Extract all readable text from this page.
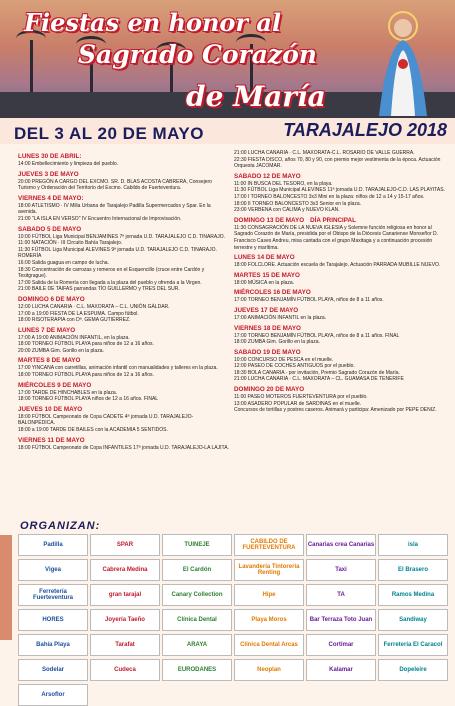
Fiestas en honor al
Sagrado Corazón
de María
DEL 3 AL 20 DE MAYO	TARAJALEJO 2018
LUNES 30 DE ABRIL:
14:00 Embellecimiento y limpieza del pueblo.
JUEVES 3 DE MAYO
20:00 PREGÓN A CARGO DEL EXCMO. SR. D. BLAS ACOSTA CABRERA, Consejero Turismo y Ordenación del Territorio del Excmo. Cabildo de Fuerteventura.
VIERNES 4 DE MAYO:
18:00 ATLETISMO · IV Milla Urbana de Tarajalejo Padilla Supermercados y Spar. En la avenida.
21:00 "LA ISLA EN VERSO" IV Encuentro Internacional de Improvisación.
SABADO 5 DE MAYO
10:00 FÚTBOL Liga Municipal BENJAMINES 7ª jornada U.D. TARAJALEJO C.D. TINARAJO.
11:00 NATACIÓN · III Circuito Bahía Tarajalejo.
11:30 FÚTBOL Liga Municipal ALEVINES 9ª jornada U.D. TARAJALEJO C.D. TINARAJO.
ROMERÍA
16:00 Salida guagua en campo de lucha.
18:30 Concentración de carrozas y romeros en el Esquencillo (cruce entre Cardón y Tesitgrague).
17:00 Salida de la Romería con llegada a la plaza del pueblo y ofrenda a la Virgen.
21:00 BAILE DE TAIFAS parrandas TÍO GUILLERMO y TRES DEL SUR.
DOMINGO 6 DE MAYO
12:00 LUCHA CANARIA · C.L. MAXORATA – C.L. UNIÓN GÁLDAR.
17:00 a 19:00 FIESTA DE LA ESPUMA. Campo fútbol.
18:00 RISOTERAPIA con Dª. GEMA GUTIÉRREZ.
LUNES 7 DE MAYO
17:00 A 19:00 ANIMACIÓN INFANTIL, en la plaza.
18:00 TORNEO FÚTBOL PLAYA para niños de 12 a 16 años.
20:00 ZUMBA Gim. Gorillo en la plaza.
MARTES 8 DE MAYO
17:00 YINCANA con carretillas, animación infantil con manualidades y talleres en la plaza.
18:00 TORNEO FÚTBOL PLAYA para niños de 12 a 16 años.
MIÉRCOLES 9 DE MAYO
17:00 TARDE DE HINCHABLES en la plaza.
18:00 TORNEO FÚTBOL PLAYA niños de 12 a 16 años. FINAL
JUEVES 10 DE MAYO
18:00 FÚTBOL Campeonato de Copa CADETE 4ª jornada U.D. TARAJALEJO-BALONPÉDICA.
18:00 a 19:00 TARDE DE BAILES con la ACADEMIA 5 SENTIDOS.
VIERNES 11 DE MAYO
18:00 FÚTBOL Campeonato de Copa INFANTILES 17ª jornada U.D. TARAJALEJO-LA LAJITA.
21:00 LUCHA CANARIA · C.L. MAXORATA-C.L. ROSARIO DE VALLE GUERRA.
22:30 FIESTA DISCO, años 70, 80 y 90, con premio mejor vestimenta de la época. Actuación Orquesta JACOMAR.
SABADO 12 DE MAYO
11:00 IN BUSCA DEL TESORO, en la playa.
11:30 FÚTBOL Liga Municipal ALEVINES 11ª jornada U.D. TARAJALEJO-C.D. LAS PLAYITAS.
17:00 I TORNEO BALONCESTO 3x3 Mini en la plaza: niños de 12 a 14 y 15-17 años.
18:00 II TORNEO BALONCESTO 3x3 Senior en la plaza.
23:00 VERBENA con CALIMA y NUEVO KLAN.
DOMINGO 13 DE MAYO DÍA PRINCIPAL
11:30 CONSAGRACIÓN DE LA NUEVA IGLESIA y Solemne función religiosa en honor al Sagrado Corazón de María, presidida por el Obispo de la Diócesis Canariense Monseñor D. Francisco Cases Andreu, misa cantada con el grupo Maxitaga y a continuación procesión terrestre y marítima.
LUNES 14 DE MAYO
18:00 FOLCLORE. Actuación escuela de Tarajalejo. Actuación PARRADA MUBILLE NUEVO.
MARTES 15 DE MAYO
18:00 MÚSICA en la plaza.
MIÉRCOLES 16 DE MAYO
17:00 TORNEO BENJAMÍN FÚTBOL PLAYA, niños de 8 a 11 años.
JUEVES 17 DE MAYO
17:00 ANIMACIÓN INFANTIL en la plaza.
VIERNES 18 DE MAYO
17:00 TORNEO BENJAMÍN FÚTBOL PLAYA, niños de 8 a 11 años. FINAL
18:00 ZUMBA Gim. Gorillo en la plaza.
SABADO 19 DE MAYO
10:00 CONCURSO DE PESCA en el muelle.
12:00 PASEO DE COCHES ANTIGUOS por el pueblo.
18:30 BOLA CANARIA · por invitación, Premio Sagrado Corazón de María.
21:00 LUCHA CANARIA · C.L. MAXORATA – CL. GUAMASA DE TENERIFE
DOMINGO 20 DE MAYO
11:00 PASEO MOTEROS FUERTEVENTURA por el pueblo.
13:00 ASADERO POPULAR de SARDINAS en el muelle.
Concursos de tortillas y postres caseros. Animará y participa: Amenizado por PEPE DENIZ.
Padilla	SPAR	TUINEJE	CABILDO DE FUERTEVENTURA	Canarias crea Canarias	isla
Vigea	Cabrera Medina	El Cardón	Lavandería Tintorería Renting	Taxi	El Brasero
Ferretería Fuerteventura	gran tarajal	Canary Collection	Hipe	TA	Ramos Medina
HORES	Joyería Taeño	Clínica Dental	Playa Moros	Bar Terraza Toto Juan	Sandiway
Bahía Playa	Tarafat	ARAYA	Clínica Dental Arcas	Cortimar	Ferretería El Caracol
Sodelar	Cudeca	EURODANES	Neoplan	Kalamar	Dopeleire
Arsoflor
ORGANIZAN:
